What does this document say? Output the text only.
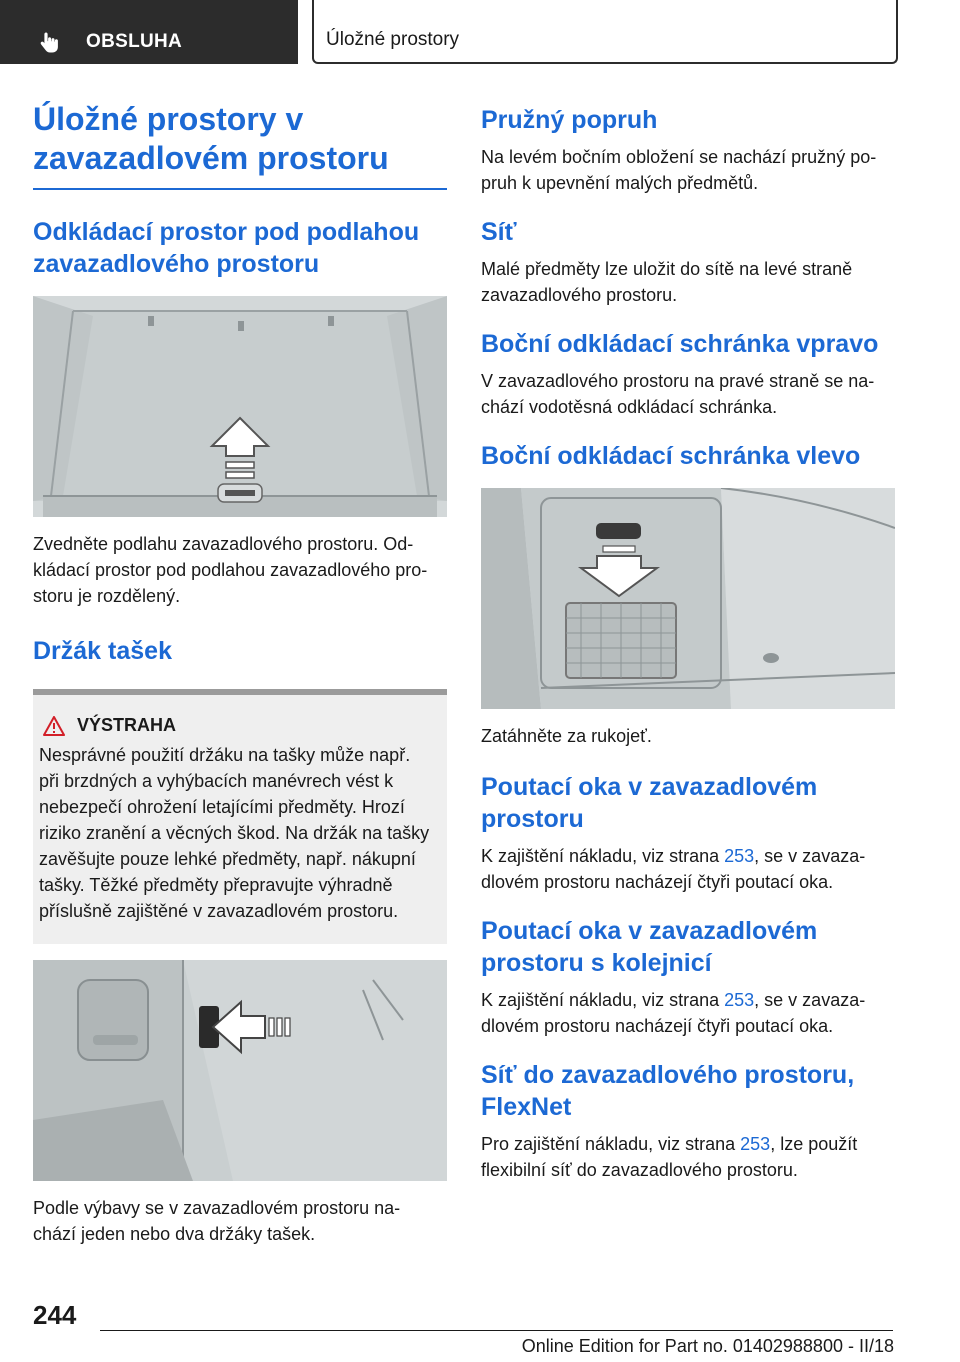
OBSLUHA	Úložné prostory
Úložné prostory v
zavazadlovém prostoru
Odkládací prostor pod podlahou
zavazadlového prostoru

Zvedněte podlahu zavazadlového prostoru. Od-
kládací prostor pod podlahou zavazadlového pro-
storu je rozdělený.

Držák tašek
VÝSTRAHA

Nesprávné použití držáku na tašky může např.
při brzdných a vyhýbacích manévrech vést k
nebezpečí ohrožení letajícími předměty. Hrozí
riziko zranění a věcných škod. Na držák na tašky
zavěšujte pouze lehké předměty, např. nákupní
tašky. Těžké předměty přepravujte výhradně
příslušně zajištěné v zavazadlovém prostoru.

Podle výbavy se v zavazadlovém prostoru na-
chází jeden nebo dva držáky tašek.

Pružný popruh

Na levém bočním obložení se nachází pružný po-
pruh k upevnění malých předmětů.

Síť

Malé předměty lze uložit do sítě na levé straně
zavazadlového prostoru.

Boční odkládací schránka vpravo

V zavazadlového prostoru na pravé straně se na-
chází vodotěsná odkládací schránka.

Boční odkládací schránka vlevo

Zatáhněte za rukojeť.

Poutací oka v zavazadlovém
prostoru

K zajištění nákladu, viz strana 253, se v zavaza-
dlovém prostoru nacházejí čtyři poutací oka.

Poutací oka v zavazadlovém
prostoru s kolejnicí

K zajištění nákladu, viz strana 253, se v zavaza-
dlovém prostoru nacházejí čtyři poutací oka.

Síť do zavazadlového prostoru,
FlexNet

Pro zajištění nákladu, viz strana 253, lze použít
flexibilní síť do zavazadlového prostoru.

244
Online Edition for Part no. 01402988800 - II/18
